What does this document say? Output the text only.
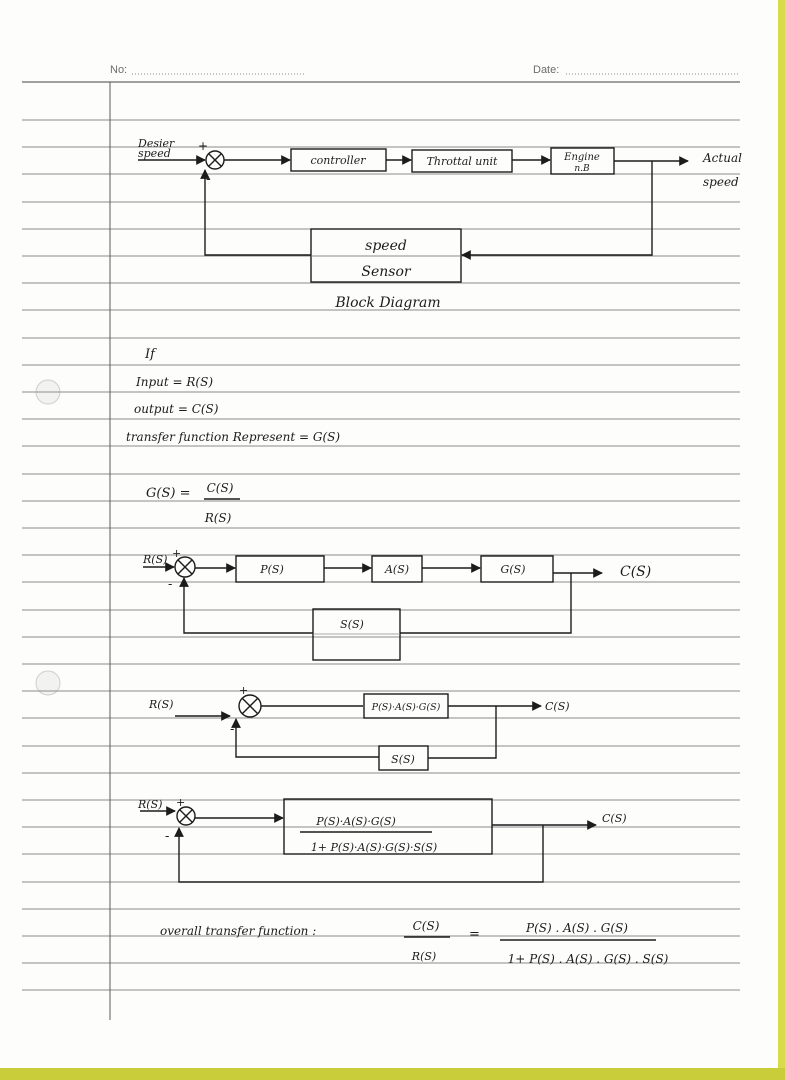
No:	Date:
Desier
speed
+
-
controller	Throttal unit	Engine
n.B
Actual
speed
speed
Sensor
Block Diagram
If
Input = R(S)
output = C(S)
transfer function Represent = G(S)
G(S) = C(S)
R(S)
R(S) +
-
P(S)	A(S)	G(S)	C(S)
S(S)
R(S)
+
-
P(S)·A(S)·G(S)	C(S)
S(S)
R(S) +
-
P(S)·A(S)·G(S)
1+ P(S)·A(S)·G(S)·S(S)
C(S)
overall transfer function :	C(S)
R(S)
=	P(S) . A(S) . G(S)
1+ P(S) . A(S) . G(S) . S(S)
